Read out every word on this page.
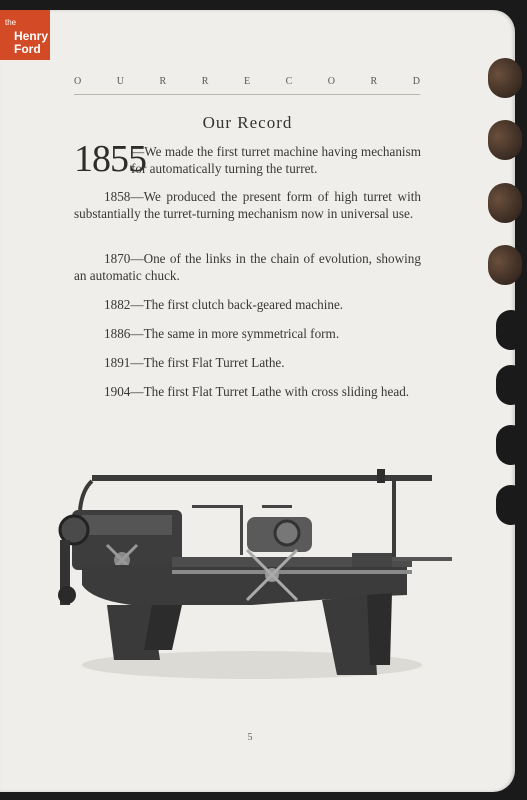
the
Henry
Ford
O	U	R	R	E	C	O	R	D
Our Record
1855
—We made the first turret machine having mechanism for automatically turning the turret.
1858—We produced the present form of high turret with substantially the turret-turning mechanism now in universal use.
1870—One of the links in the chain of evolution, showing an automatic chuck.
1882—The first clutch back-geared machine.
1886—The same in more symmetrical form.
1891—The first Flat Turret Lathe.
1904—The first Flat Turret Lathe with cross sliding head.
5
